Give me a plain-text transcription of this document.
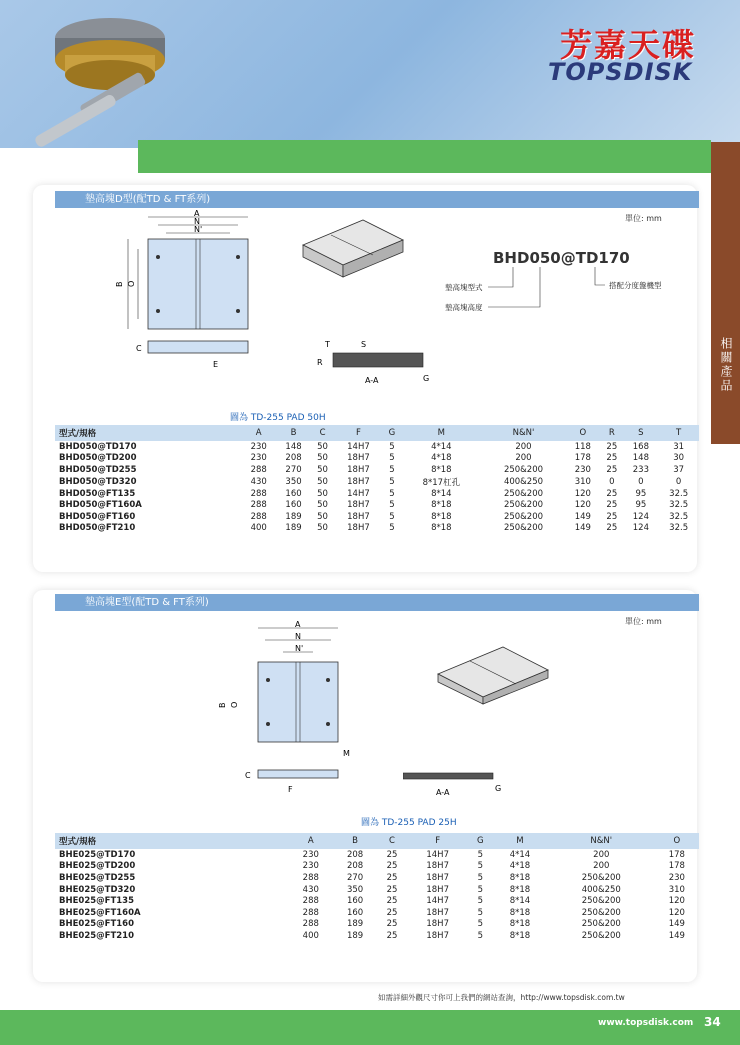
芳嘉天碟
TOPSDISK
相關產品
墊高塊D型(配TD & FT系列)
單位: mm
A
N
N'
B O
C
E
T	S
R
G
A-A
BHD050@TD170
墊高塊型式
墊高塊高度
搭配分度盤機型
圖為 TD-255 PAD 50H
型式/規格	A	B	C	F	G	M	N&N'	O	R	S	T
BHD050@TD170	230	148	50	14H7	5	4*14	200	118	25	168	31
BHD050@TD200	230	208	50	18H7	5	4*18	200	178	25	148	30
BHD050@TD255	288	270	50	18H7	5	8*18	250&200	230	25	233	37
BHD050@TD320	430	350	50	18H7	5	8*17杠孔	400&250	310	0	0	0
BHD050@FT135	288	160	50	14H7	5	8*14	250&200	120	25	95	32.5
BHD050@FT160A	288	160	50	18H7	5	8*18	250&200	120	25	95	32.5
BHD050@FT160	288	189	50	18H7	5	8*18	250&200	149	25	124	32.5
BHD050@FT210	400	189	50	18H7	5	8*18	250&200	149	25	124	32.5
墊高塊E型(配TD & FT系列)
單位: mm
A
N
N'
B O
M
C
F	G
A-A
圖為 TD-255 PAD 25H
型式/規格	A	B	C	F	G	M	N&N'	O
BHE025@TD170	230	208	25	14H7	5	4*14	200	178
BHE025@TD200	230	208	25	18H7	5	4*18	200	178
BHE025@TD255	288	270	25	18H7	5	8*18	250&200	230
BHE025@TD320	430	350	25	18H7	5	8*18	400&250	310
BHE025@FT135	288	160	25	14H7	5	8*14	250&200	120
BHE025@FT160A	288	160	25	18H7	5	8*18	250&200	120
BHE025@FT160	288	189	25	18H7	5	8*18	250&200	149
BHE025@FT210	400	189	25	18H7	5	8*18	250&200	149
如需詳細外觀尺寸你可上我們的網站查詢，http://www.topsdisk.com.tw
www.topsdisk.com 34
